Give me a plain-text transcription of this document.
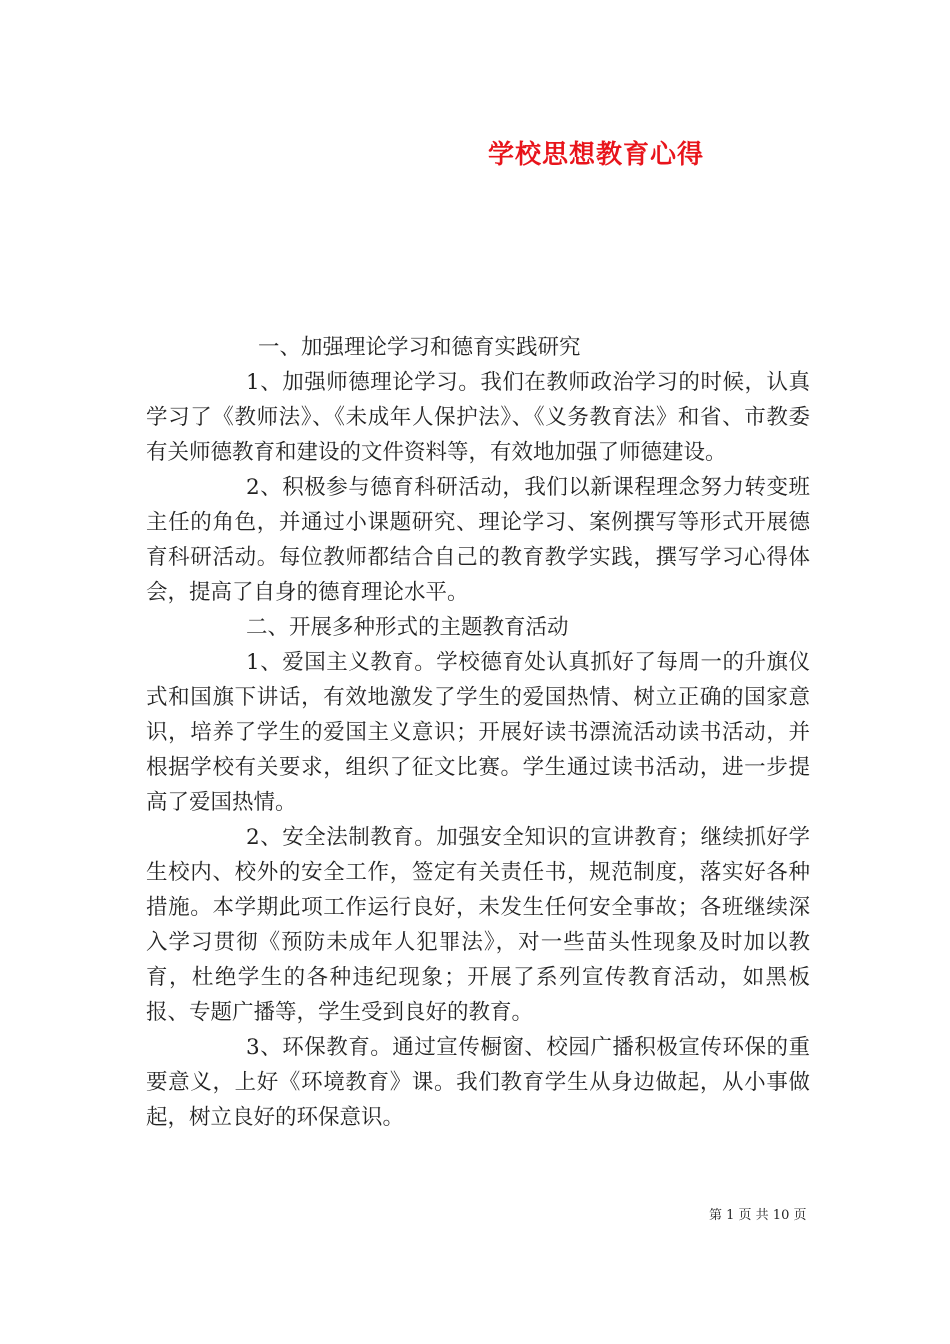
学校思想教育心得

一、加强理论学习和德育实践研究

1、加强师德理论学习。我们在教师政治学习的时候，认真学习了《教师法》、《未成年人保护法》、《义务教育法》和省、市教委有关师德教育和建设的文件资料等，有效地加强了师德建设。

2、积极参与德育科研活动，我们以新课程理念努力转变班主任的角色，并通过小课题研究、理论学习、案例撰写等形式开展德育科研活动。每位教师都结合自己的教育教学实践，撰写学习心得体会，提高了自身的德育理论水平。

二、开展多种形式的主题教育活动

1、爱国主义教育。学校德育处认真抓好了每周一的升旗仪式和国旗下讲话，有效地激发了学生的爱国热情、树立正确的国家意识，培养了学生的爱国主义意识；开展好读书漂流活动读书活动，并根据学校有关要求，组织了征文比赛。学生通过读书活动，进一步提高了爱国热情。

2、安全法制教育。加强安全知识的宣讲教育；继续抓好学生校内、校外的安全工作，签定有关责任书，规范制度，落实好各种措施。本学期此项工作运行良好，未发生任何安全事故；各班继续深入学习贯彻《预防未成年人犯罪法》，对一些苗头性现象及时加以教育，杜绝学生的各种违纪现象；开展了系列宣传教育活动，如黑板报、专题广播等，学生受到良好的教育。

3、环保教育。通过宣传橱窗、校园广播积极宣传环保的重要意义，上好《环境教育》课。我们教育学生从身边做起，从小事做起，树立良好的环保意识。

第 1 页 共 10 页
